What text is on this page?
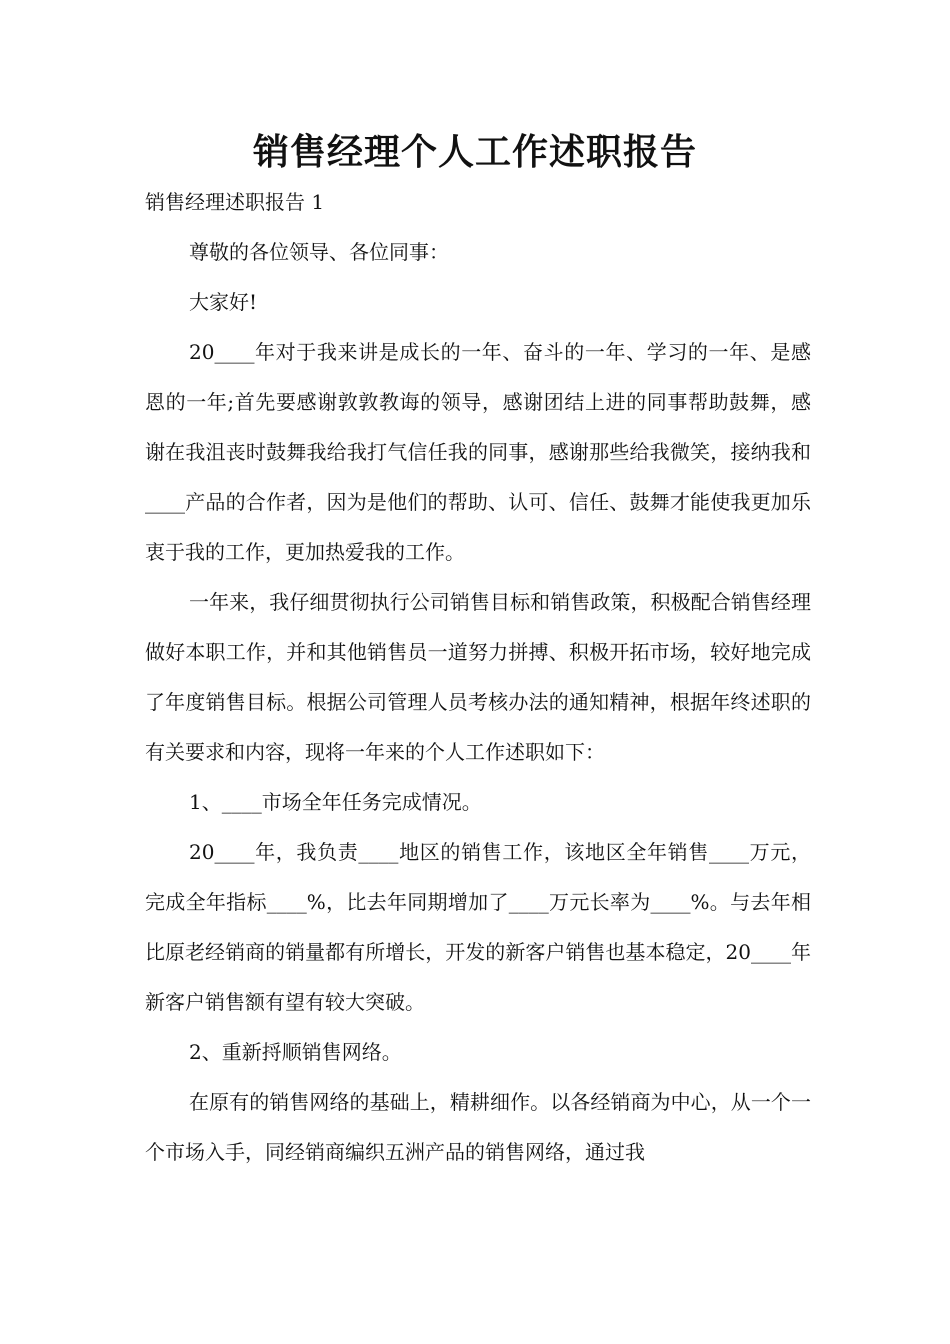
销售经理个人工作述职报告
销售经理述职报告 1

尊敬的各位领导、各位同事：

大家好!

20____年对于我来讲是成长的一年、奋斗的一年、学习的一年、是感恩的一年;首先要感谢敦敦教诲的领导，感谢团结上进的同事帮助鼓舞，感谢在我沮丧时鼓舞我给我打气信任我的同事，感谢那些给我微笑，接纳我和____产品的合作者，因为是他们的帮助、认可、信任、鼓舞才能使我更加乐衷于我的工作，更加热爱我的工作。

一年来，我仔细贯彻执行公司销售目标和销售政策，积极配合销售经理做好本职工作，并和其他销售员一道努力拼搏、积极开拓市场，较好地完成了年度销售目标。根据公司管理人员考核办法的通知精神，根据年终述职的有关要求和内容，现将一年来的个人工作述职如下：

1、____市场全年任务完成情况。

20____年，我负责____地区的销售工作，该地区全年销售____万元，完成全年指标____%，比去年同期增加了____万元长率为____%。与去年相比原老经销商的销量都有所增长，开发的新客户销售也基本稳定，20____年新客户销售额有望有较大突破。

2、重新捋顺销售网络。

在原有的销售网络的基础上，精耕细作。以各经销商为中心，从一个一个市场入手，同经销商编织五洲产品的销售网络，通过我
